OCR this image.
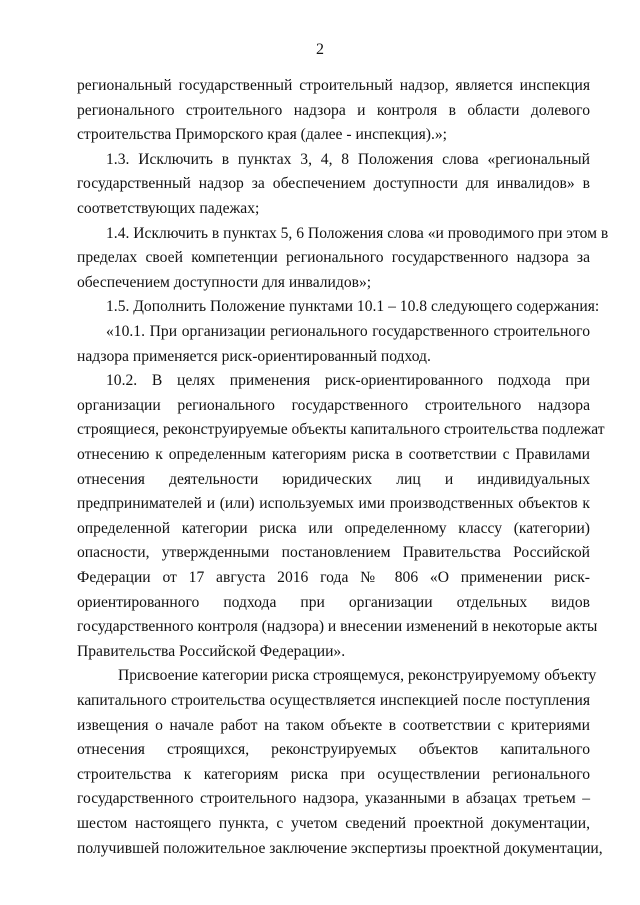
2
региональный государственный строительный надзор, является инспекция
регионального строительного надзора и контроля в области долевого
строительства Приморского края (далее - инспекция).»;
1.3. Исключить в пунктах 3, 4, 8 Положения слова «региональный
государственный надзор за обеспечением доступности для инвалидов» в
соответствующих падежах;
1.4. Исключить в пунктах 5, 6 Положения слова «и проводимого при этом в
пределах своей компетенции регионального государственного надзора за
обеспечением доступности для инвалидов»;
1.5. Дополнить Положение пунктами 10.1 – 10.8 следующего содержания:
«10.1. При организации регионального государственного строительного
надзора применяется риск-ориентированный подход.
10.2. В целях применения риск-ориентированного подхода при
организации регионального государственного строительного надзора
строящиеся, реконструируемые объекты капитального строительства подлежат
отнесению к определенным категориям риска в соответствии с Правилами
отнесения деятельности юридических лиц и индивидуальных
предпринимателей и (или) используемых ими производственных объектов к
определенной категории риска или определенному классу (категории)
опасности, утвержденными постановлением Правительства Российской
Федерации от 17 августа 2016 года № 806 «О применении риск-
ориентированного подхода при организации отдельных видов
государственного контроля (надзора) и внесении изменений в некоторые акты
Правительства Российской Федерации».
Присвоение категории риска строящемуся, реконструируемому объекту
капитального строительства осуществляется инспекцией после поступления
извещения о начале работ на таком объекте в соответствии с критериями
отнесения строящихся, реконструируемых объектов капитального
строительства к категориям риска при осуществлении регионального
государственного строительного надзора, указанными в абзацах третьем –
шестом настоящего пункта, с учетом сведений проектной документации,
получившей положительное заключение экспертизы проектной документации,
